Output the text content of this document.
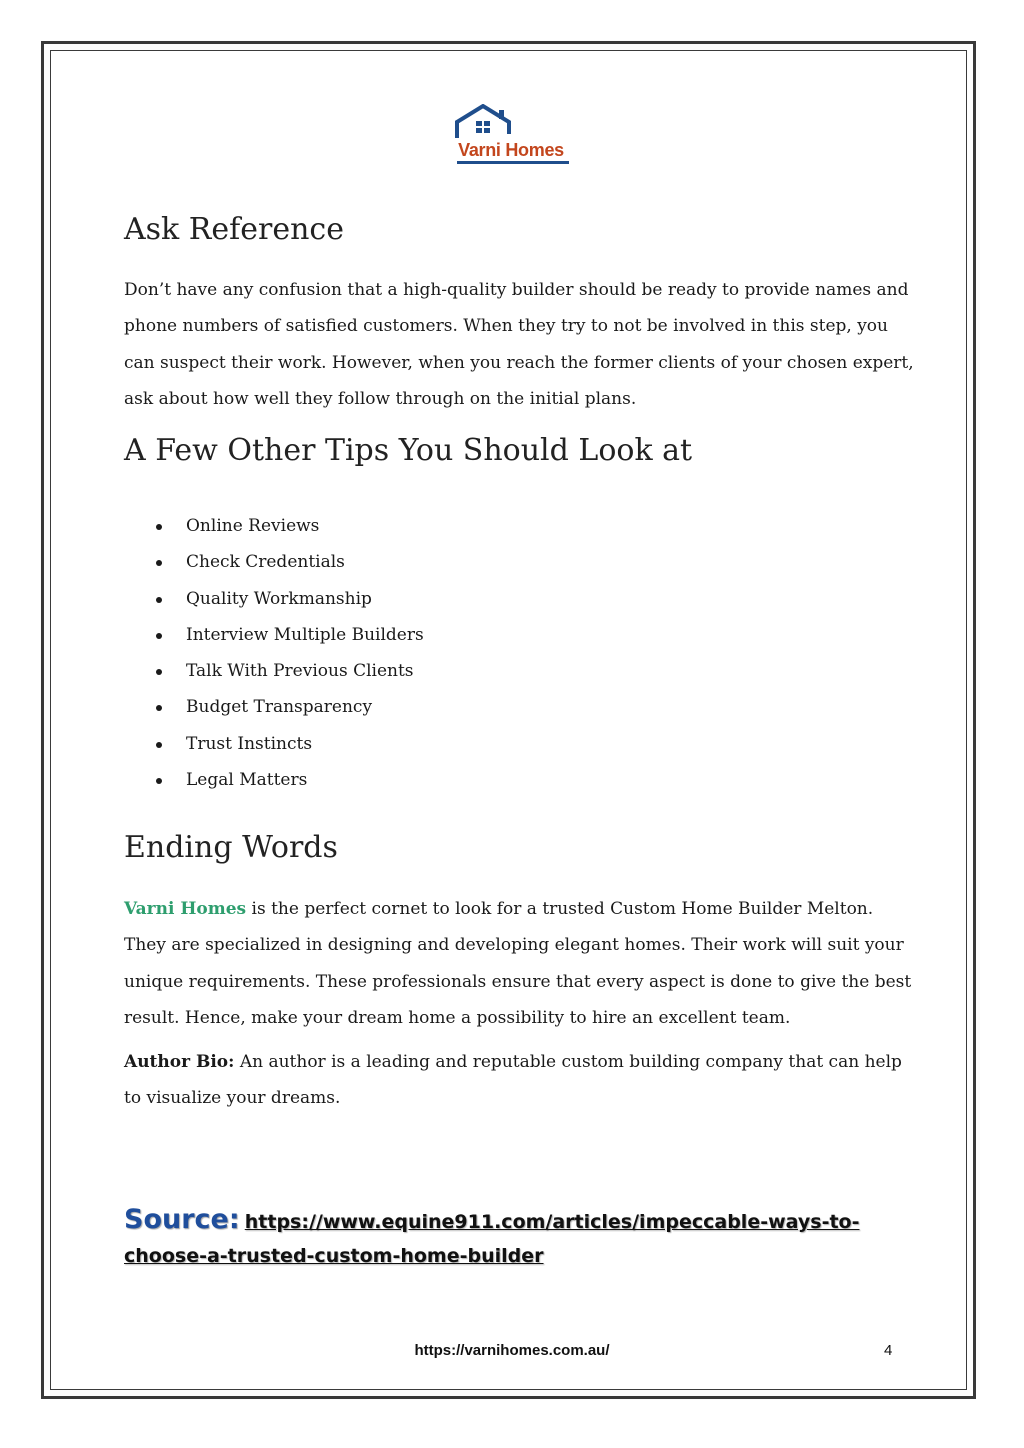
Varni Homes
Ask Reference

Don’t have any confusion that a high-quality builder should be ready to provide names and phone numbers of satisfied customers. When they try to not be involved in this step, you can suspect their work. However, when you reach the former clients of your chosen expert, ask about how well they follow through on the initial plans.

A Few Other Tips You Should Look at
Online Reviews
Check Credentials
Quality Workmanship
Interview Multiple Builders
Talk With Previous Clients
Budget Transparency
Trust Instincts
Legal Matters
Ending Words

Varni Homes is the perfect cornet to look for a trusted Custom Home Builder Melton. They are specialized in designing and developing elegant homes. Their work will suit your unique requirements. These professionals ensure that every aspect is done to give the best result. Hence, make your dream home a possibility to hire an excellent team.

Author Bio: An author is a leading and reputable custom building company that can help to visualize your dreams.

Source: https://www.equine911.com/articles/impeccable-ways-to-
choose-a-trusted-custom-home-builder
https://varnihomes.com.au/	4
